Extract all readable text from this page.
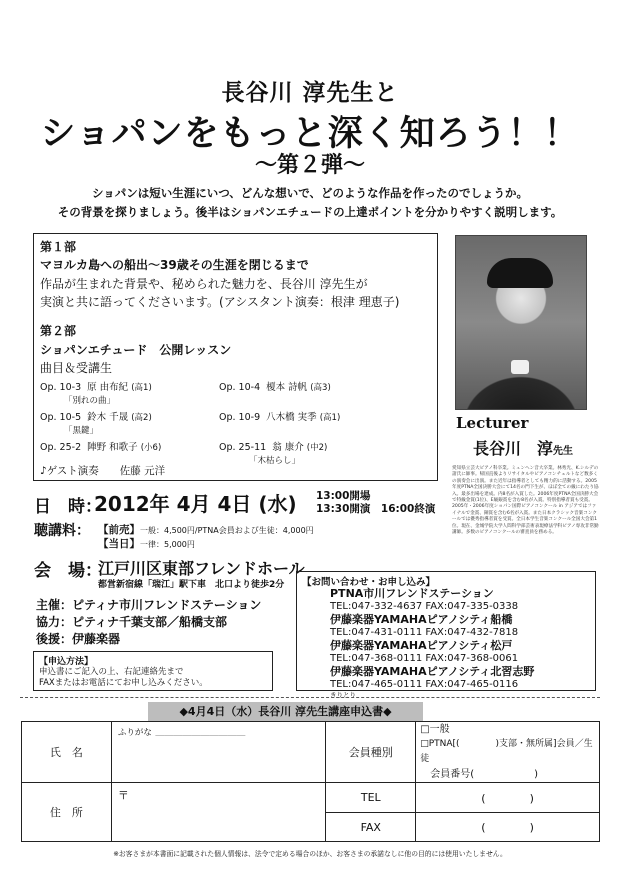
長谷川 淳先生と
ショパンをもっと深く知ろう！！
〜第２弾〜
ショパンは短い生涯にいつ、どんな想いで、どのような作品を作ったのでしょうか。
その背景を探りましょう。後半はショパンエチュードの上達ポイントを分かりやすく説明します。
第１部
マヨルカ島への船出〜39歳その生涯を閉じるまで
作品が生まれた背景や、秘められた魅力を、長谷川 淳先生が
実演と共に語ってくださいます。(アシスタント演奏：根津 理恵子)
第２部
ショパンエチュード　公開レッスン
曲目＆受講生
Op. 10-3 原 由布紀 (高1)	Op. 10-4 榎本 詩帆 (高3)
「別れの曲」
Op. 10-5 鈴木 千晟 (高2)	Op. 10-9 八木橋 実季 (高1)
「黒鍵」
Op. 25-2 陣野 和歌子 (小6)	Op. 25-11 翁 康介 (中2)
「木枯らし」
♪ゲスト演奏　　佐藤 元洋
Lecturer
長谷川　淳先生
愛知県立芸大ピアノ科卒業。ミュンヘン音大卒業。林秀光、K.シルデの諸氏に師事。帰国直後よりリサイタルやピアノコンチェルトなど数多くの演奏会に出演。また近年は指導者としても精力的に活動する。2005年度PTNA全国決勝大会にて14名の門下生が、ほぼ全ての級にわたり協入。最多出場を達成。内8名が入賞した。2006年度PTNA全国決勝大会で特級金賞(1位)、E級銀賞を含む8名が入賞。特別指導者賞も受賞。2005年・2006年度ショパン国際ピアノコンクール in アジアではファイナルで金賞、銅賞を含む6名が入賞。また日本クラシック音楽コンクールでは優秀指導者賞を受賞。全日本学生音楽コンクール全国大会第1位。現在、金城学院大学人間科学部芸術表現療法学科ピアノ専攻非常勤講師。多数のピアノコンクールの審査員を務める。
日　時：
2012年 4月 4日 (水) 13:00開場
13:30開演　16:00終演
聴講料： 【前売】一般：4,500円/PTNA会員および生徒：4,000円
【当日】一律：5,000円
会　場：
江戸川区東部フレンドホール
都営新宿線「瑞江」駅下車　北口より徒歩2分
主催：ピティナ市川フレンドステーション
協力：ピティナ千葉支部／船橋支部
後援：伊藤楽器
【申込方法】
申込書にご記入の上、右記連絡先まで
FAXまたはお電話にてお申し込みください。
【お問い合わせ・お申し込み】
PTNA市川フレンドステーション
TEL:047-332-4637 FAX:047-335-0338
伊藤楽器YAMAHAピアノシティ船橋
TEL:047-431-0111 FAX:047-432-7818
伊藤楽器YAMAHAピアノシティ松戸
TEL:047-368-0111 FAX:047-368-0061
伊藤楽器YAMAHAピアノシティ北習志野
TEL:047-465-0111 FAX:047-465-0116
きりとり
◆4月4日（水）長谷川 淳先生講座申込書◆
氏　名	ふりがな ＿＿＿＿＿＿＿＿＿＿	会員種別	□一般
□PTNA[(　　　　)支部・無所属]会員／生徒
会員番号(　　　　　　)

住　所	〒	TEL	(　　　　)
		FAX	(　　　　)
※お客さまが本書面に記載された個人情報は、法令で定める場合のほか、お客さまの承諾なしに他の目的には使用いたしません。
